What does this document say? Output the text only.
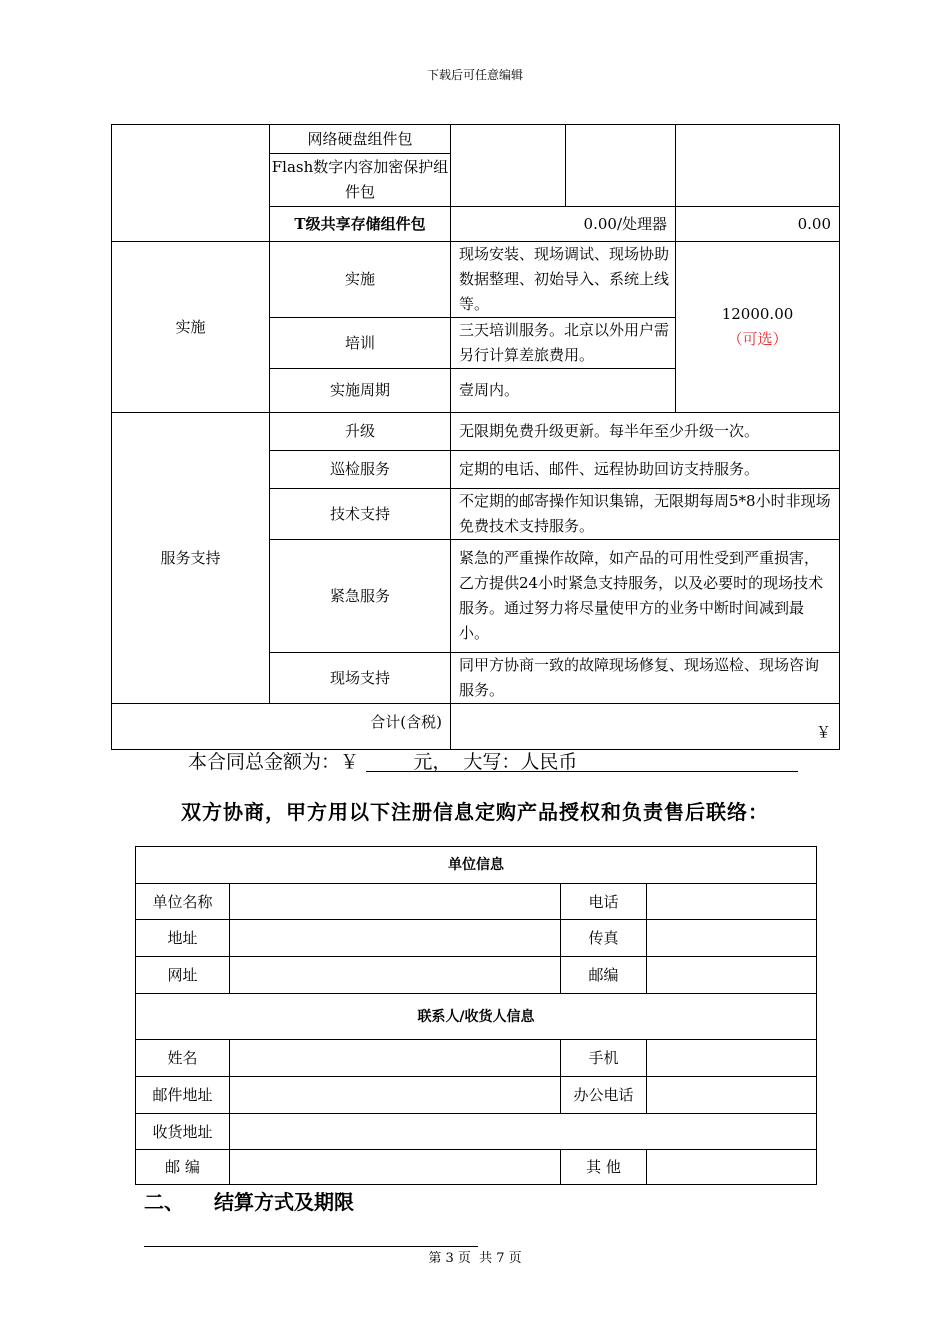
下载后可任意编辑
	网络硬盘组件包			
	Flash数字内容加密保护组件包			
	T级共享存储组件包	0.00/处理器		0.00
实施	实施	现场安装、现场调试、现场协助数据整理、初始导入、系统上线等。		12000.00
（可选）

	培训	三天培训服务。北京以外用户需另行计算差旅费用。		
	实施周期	壹周内。		
服务支持	升级	无限期免费升级更新。每半年至少升级一次。		
	巡检服务	定期的电话、邮件、远程协助回访支持服务。		
	技术支持	不定期的邮寄操作知识集锦，无限期每周5*8小时非现场免费技术支持服务。		
	紧急服务	紧急的严重操作故障，如产品的可用性受到严重损害，乙方提供24小时紧急支持服务，以及必要时的现场技术服务。通过努力将尽量使甲方的业务中断时间减到最小。		
	现场支持	同甲方协商一致的故障现场修复、现场巡检、现场咨询服务。		
合计(含税)		￥		
本合同总金额为：￥         元，  大写：人民币
双方协商，甲方用以下注册信息定购产品授权和负责售后联络：
单位信息			
单位名称		电话	
地址		传真	
网址		邮编	
联系人/收货人信息			
姓名		手机	
邮件地址		办公电话	
收货地址			
邮 编		其 他	
二、 结算方式及期限
第 3 页  共 7 页
